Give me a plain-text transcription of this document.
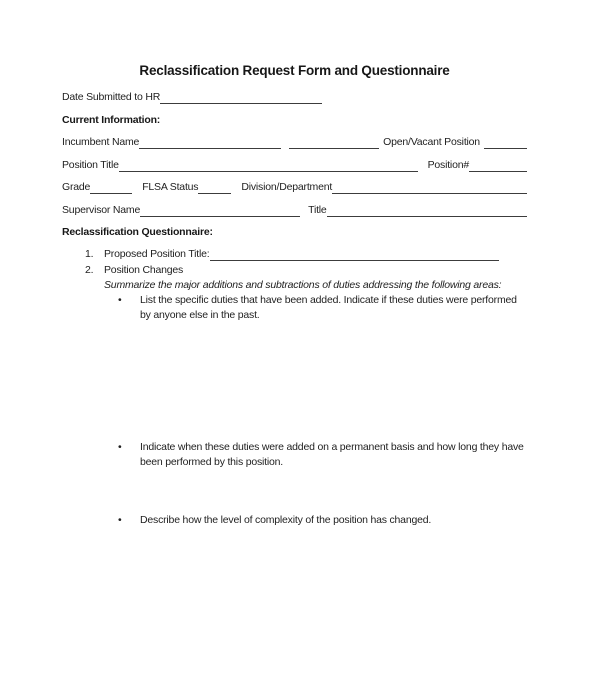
Reclassification Request Form and Questionnaire
Date Submitted to HR
Current Information:
Incumbent Name	Open/Vacant Position
Position Title	Position#
Grade	FLSA Status	Division/Department
Supervisor Name	Title
Reclassification Questionnaire:
1.	Proposed Position Title:
2.	Position Changes
Summarize the major additions and subtractions of duties addressing the following areas:
•	List the specific duties that have been added. Indicate if these duties were performed by anyone else in the past.
•	Indicate when these duties were added on a permanent basis and how long they have been performed by this position.
•	Describe how the level of complexity of the position has changed.
